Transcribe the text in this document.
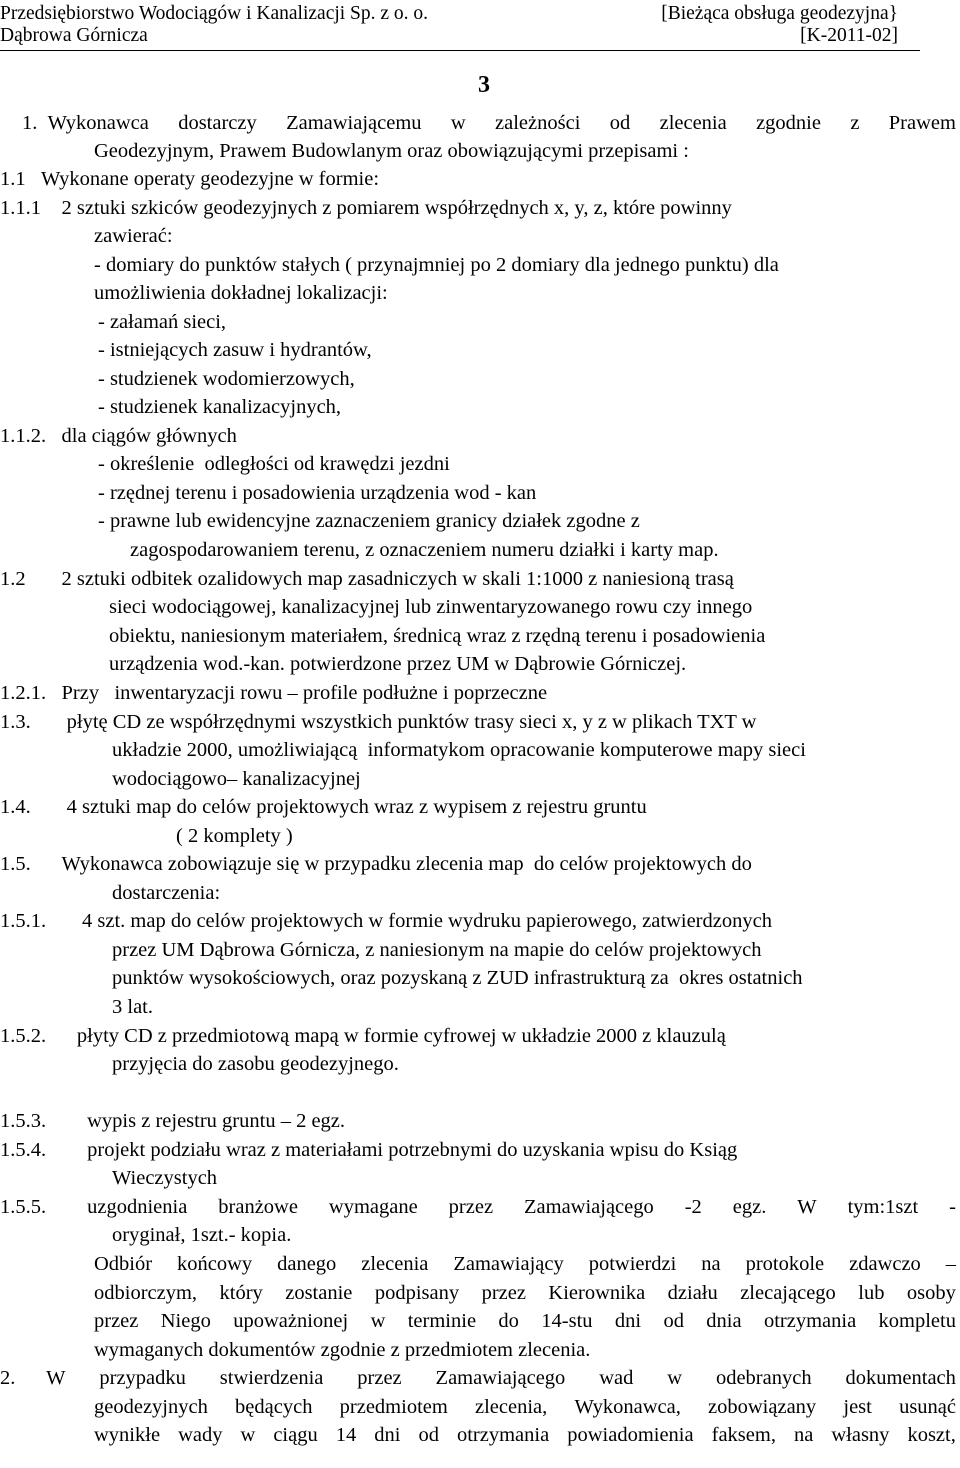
Przedsiębiorstwo Wodociągów i Kanalizacji Sp. z o. o.	[Bieżąca obsługa geodezyjna}
Dąbrowa Górnicza	[K-2011-02]
3
1.  Wykonawca dostarczy Zamawiającemu w zależności od zlecenia zgodnie z Prawem
Geodezyjnym, Prawem Budowlanym oraz obowiązującymi przepisami :
1.1   Wykonane operaty geodezyjne w formie:
1.1.1    2 sztuki szkiców geodezyjnych z pomiarem współrzędnych x, y, z, które powinny
zawierać:
- domiary do punktów stałych ( przynajmniej po 2 domiary dla jednego punktu) dla
umożliwienia dokładnej lokalizacji:
- załamań sieci,
- istniejących zasuw i hydrantów,
- studzienek wodomierzowych,
- studzienek kanalizacyjnych,
1.1.2.   dla ciągów głównych
- określenie  odległości od krawędzi jezdni
- rzędnej terenu i posadowienia urządzenia wod - kan
- prawne lub ewidencyjne zaznaczeniem granicy działek zgodne z
zagospodarowaniem terenu, z oznaczeniem numeru działki i karty map.
1.2       2 sztuki odbitek ozalidowych map zasadniczych w skali 1:1000 z naniesioną trasą
sieci wodociągowej, kanalizacyjnej lub zinwentaryzowanego rowu czy innego
obiektu, naniesionym materiałem, średnicą wraz z rzędną terenu i posadowienia
urządzenia wod.-kan. potwierdzone przez UM w Dąbrowie Górniczej.
1.2.1.   Przy   inwentaryzacji rowu – profile podłużne i poprzeczne
1.3.       płytę CD ze współrzędnymi wszystkich punktów trasy sieci x, y z w plikach TXT w
układzie 2000, umożliwiającą  informatykom opracowanie komputerowe mapy sieci
wodociągowo– kanalizacyjnej
1.4.       4 sztuki map do celów projektowych wraz z wypisem z rejestru gruntu
( 2 komplety )
1.5.      Wykonawca zobowiązuje się w przypadku zlecenia map  do celów projektowych do
dostarczenia:
1.5.1.       4 szt. map do celów projektowych w formie wydruku papierowego, zatwierdzonych
przez UM Dąbrowa Górnicza, z naniesionym na mapie do celów projektowych
punktów wysokościowych, oraz pozyskaną z ZUD infrastrukturą za  okres ostatnich
3 lat.
1.5.2.      płyty CD z przedmiotową mapą w formie cyfrowej w układzie 2000 z klauzulą
przyjęcia do zasobu geodezyjnego.
1.5.3.        wypis z rejestru gruntu – 2 egz.
1.5.4.        projekt podziału wraz z materiałami potrzebnymi do uzyskania wpisu do Ksiąg
Wieczystych
1.5.5.        uzgodnienia branżowe wymagane przez Zamawiającego -2 egz. W tym:1szt -
oryginał, 1szt.- kopia.
Odbiór końcowy danego zlecenia Zamawiający potwierdzi na protokole zdawczo –
odbiorczym, który zostanie podpisany przez Kierownika działu zlecającego lub osoby
przez Niego upoważnionej w terminie do 14-stu dni od dnia otrzymania kompletu
wymaganych dokumentów zgodnie z przedmiotem zlecenia.
2.      W przypadku stwierdzenia przez Zamawiającego wad w odebranych dokumentach
geodezyjnych będących przedmiotem zlecenia, Wykonawca, zobowiązany jest usunąć
wynikłe wady w ciągu 14 dni od otrzymania powiadomienia faksem, na własny koszt,
